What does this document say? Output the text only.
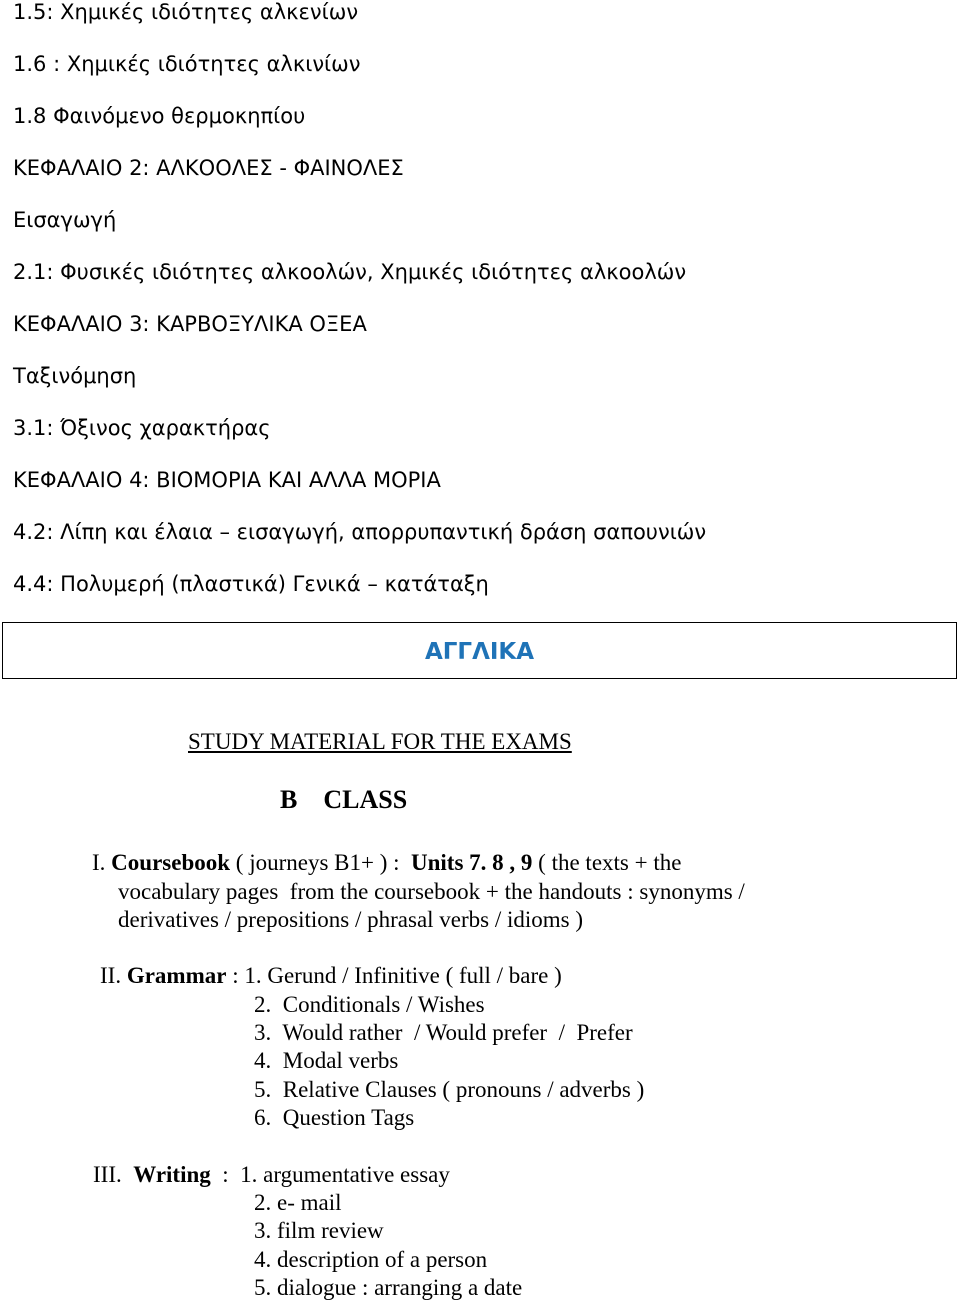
1.5: Χημικές ιδιότητες αλκενίων
1.6 : Χημικές ιδιότητες αλκινίων
1.8 Φαινόμενο θερμοκηπίου
ΚΕΦΑΛΑΙΟ 2: ΑΛΚΟΟΛΕΣ - ΦΑΙΝΟΛΕΣ
Εισαγωγή
2.1: Φυσικές ιδιότητες αλκοολών, Χημικές ιδιότητες αλκοολών
ΚΕΦΑΛΑΙΟ 3: ΚΑΡΒΟΞΥΛΙΚΑ ΟΞΕΑ
Ταξινόμηση
3.1: Όξινος χαρακτήρας
ΚΕΦΑΛΑΙΟ 4: ΒΙΟΜΟΡΙΑ ΚΑΙ ΑΛΛΑ ΜΟΡΙΑ
4.2: Λίπη και έλαια – εισαγωγή, απορρυπαντική δράση σαπουνιών
4.4: Πολυμερή (πλαστικά) Γενικά – κατάταξη
ΑΓΓΛΙΚΑ
STUDY MATERIAL FOR THE EXAMS
B    CLASS
I. Coursebook ( journeys B1+ ) :  Units 7. 8 , 9 ( the texts + the
vocabulary pages  from the coursebook + the handouts : synonyms /
derivatives / prepositions / phrasal verbs / idioms )
II. Grammar : 1. Gerund / Infinitive ( full / bare )
2.  Conditionals / Wishes
3.  Would rather  / Would prefer  /  Prefer
4.  Modal verbs
5.  Relative Clauses ( pronouns / adverbs )
6.  Question Tags
III. Writing  :  1. argumentative essay
2. e- mail
3. film review
4. description of a person
5. dialogue : arranging a date
